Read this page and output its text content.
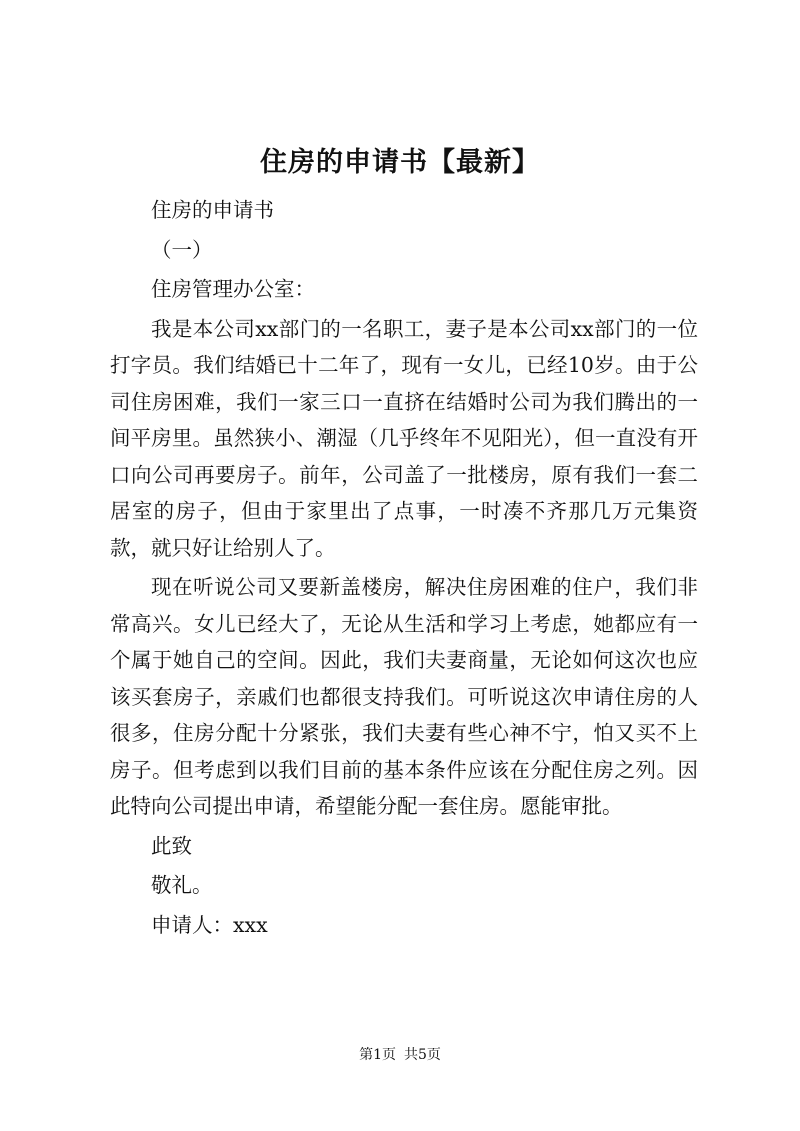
住房的申请书【最新】

住房的申请书

（一）

住房管理办公室：

我是本公司xx部门的一名职工，妻子是本公司xx部门的一位打字员。我们结婚已十二年了，现有一女儿，已经10岁。由于公司住房困难，我们一家三口一直挤在结婚时公司为我们腾出的一间平房里。虽然狭小、潮湿（几乎终年不见阳光），但一直没有开口向公司再要房子。前年，公司盖了一批楼房，原有我们一套二居室的房子，但由于家里出了点事，一时凑不齐那几万元集资款，就只好让给别人了。

现在听说公司又要新盖楼房，解决住房困难的住户，我们非常高兴。女儿已经大了，无论从生活和学习上考虑，她都应有一个属于她自己的空间。因此，我们夫妻商量，无论如何这次也应该买套房子，亲戚们也都很支持我们。可听说这次申请住房的人很多，住房分配十分紧张，我们夫妻有些心神不宁，怕又买不上房子。但考虑到以我们目前的基本条件应该在分配住房之列。因此特向公司提出申请，希望能分配一套住房。愿能审批。

此致

敬礼。

申请人：xxx

第1页 共5页
